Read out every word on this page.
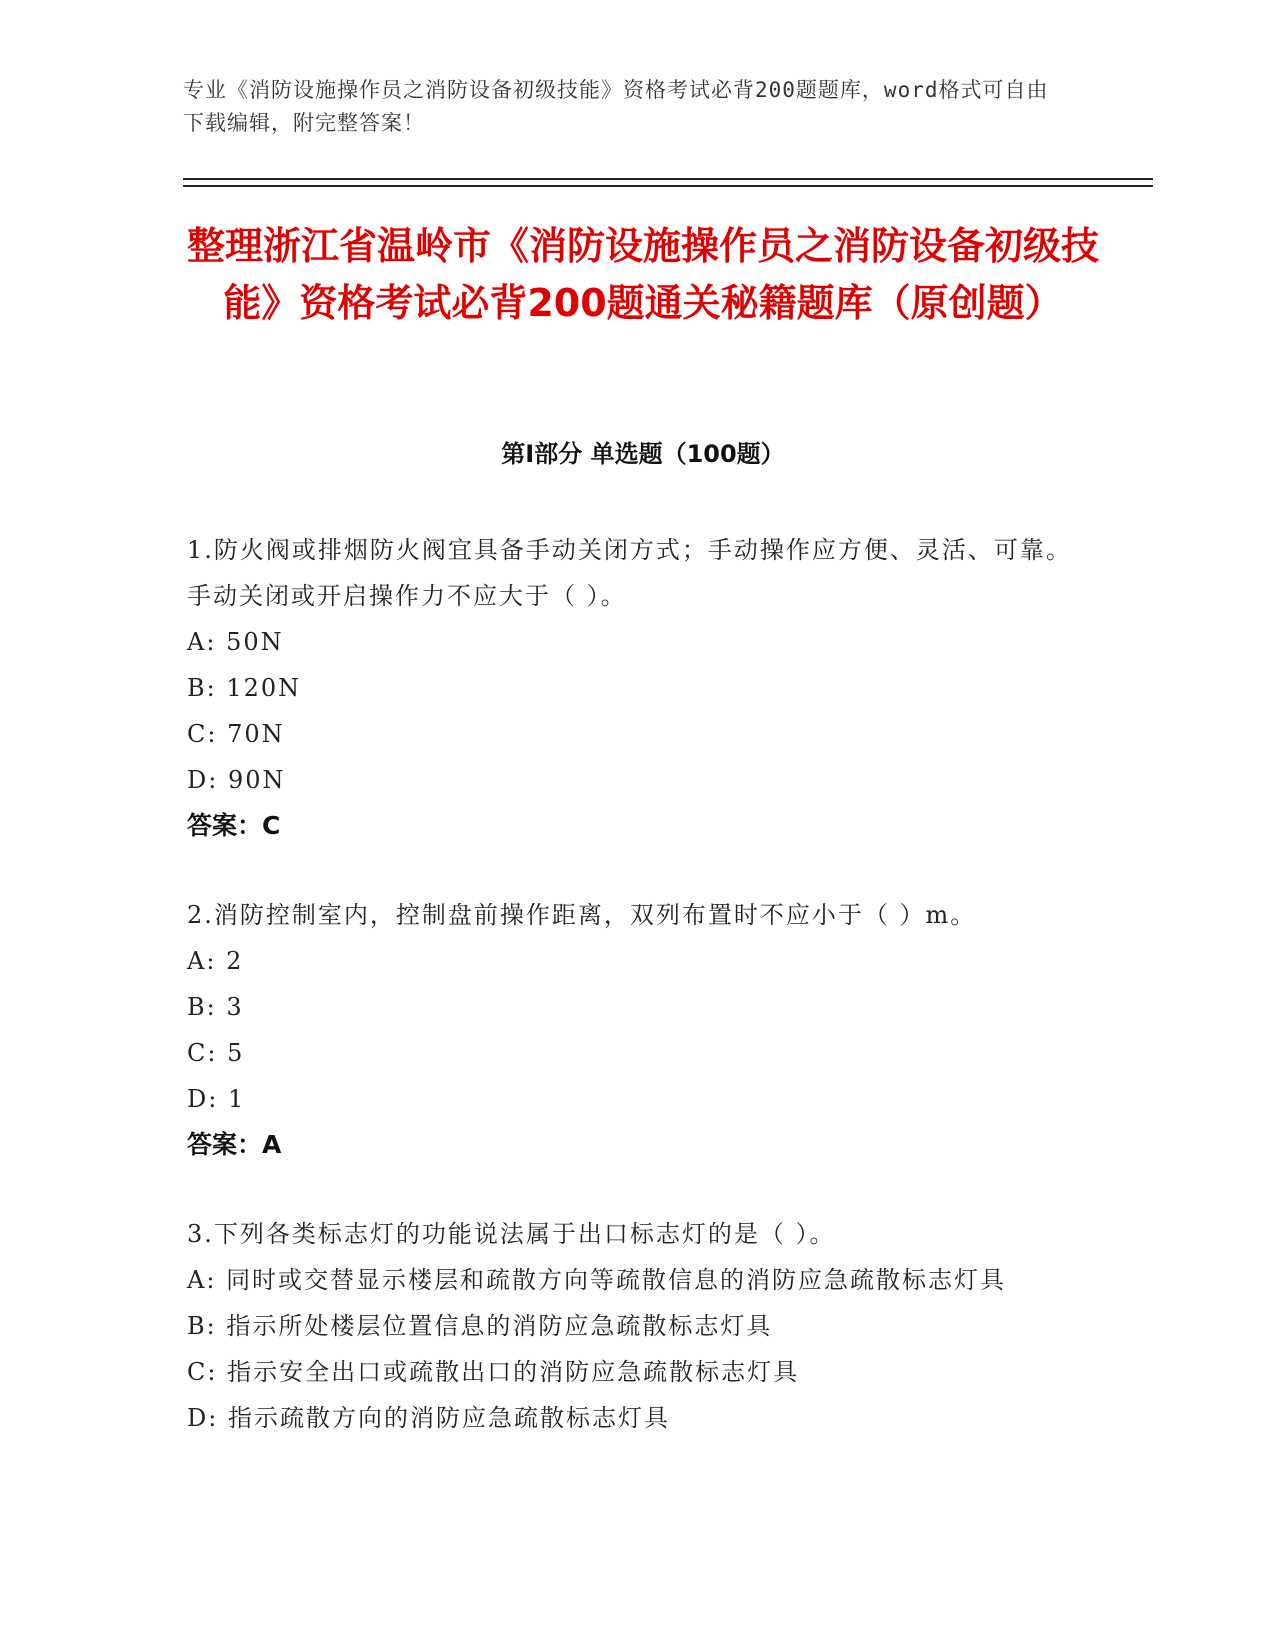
专业《消防设施操作员之消防设备初级技能》资格考试必背200题题库，word格式可自由下载编辑，附完整答案！
整理浙江省温岭市《消防设施操作员之消防设备初级技能》资格考试必背200题通关秘籍题库（原创题）
第Ⅰ部分 单选题（100题）
1.防火阀或排烟防火阀宜具备手动关闭方式；手动操作应方便、灵活、可靠。手动关闭或开启操作力不应大于（ ）。
A : 50N
B : 120N
C : 70N
D : 90N
答案：C
2.消防控制室内，控制盘前操作距离，双列布置时不应小于（ ）m。
A : 2
B : 3
C : 5
D : 1
答案：A
3.下列各类标志灯的功能说法属于出口标志灯的是（ ）。
A : 同时或交替显示楼层和疏散方向等疏散信息的消防应急疏散标志灯具
B : 指示所处楼层位置信息的消防应急疏散标志灯具
C : 指示安全出口或疏散出口的消防应急疏散标志灯具
D : 指示疏散方向的消防应急疏散标志灯具
